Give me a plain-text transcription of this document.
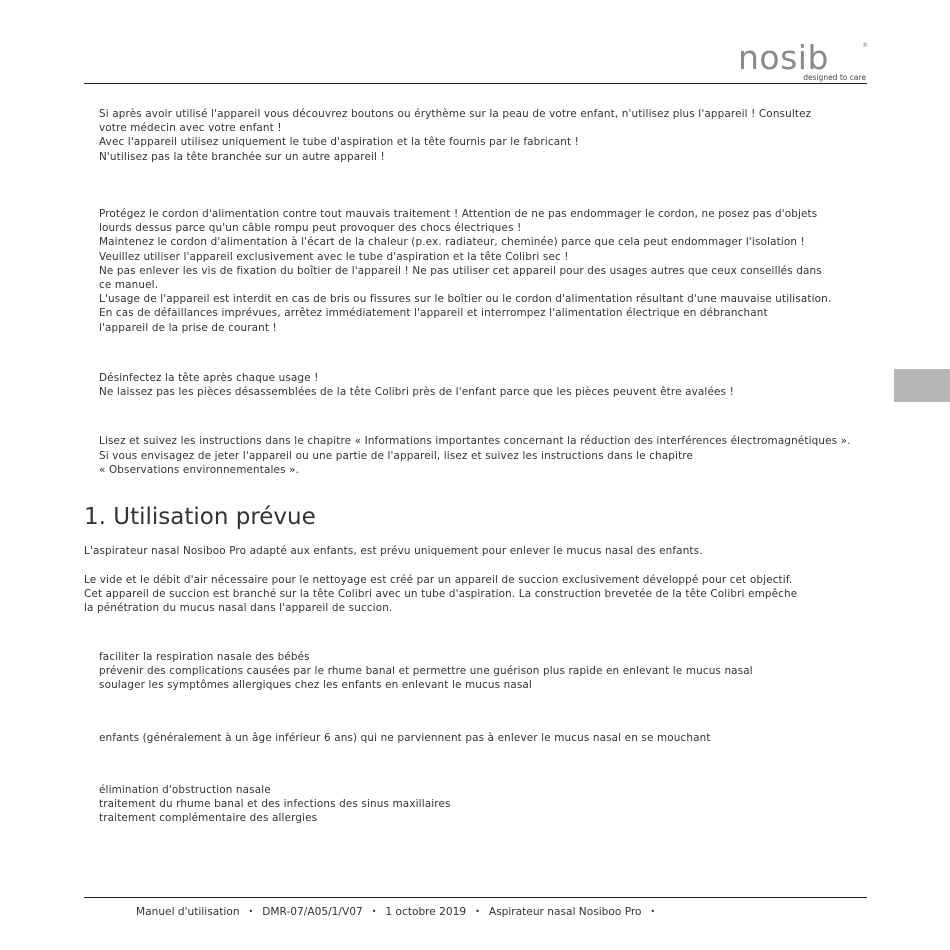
nosib	®
designed to care
Si après avoir utilisé l'appareil vous découvrez boutons ou érythème sur la peau de votre enfant, n'utilisez plus l'appareil ! Consultez
votre médecin avec votre enfant !
Avec l'appareil utilisez uniquement le tube d'aspiration et la tête fournis par le fabricant !
N'utilisez pas la tête branchée sur un autre appareil !
Protégez le cordon d'alimentation contre tout mauvais traitement ! Attention de ne pas endommager le cordon, ne posez pas d'objets
lourds dessus parce qu'un câble rompu peut provoquer des chocs électriques !
Maintenez le cordon d'alimentation à l'écart de la chaleur (p.ex. radiateur, cheminée) parce que cela peut endommager l'isolation !
Veuillez utiliser l'appareil exclusivement avec le tube d'aspiration et la tête Colibri sec !
Ne pas enlever les vis de fixation du boîtier de l'appareil ! Ne pas utiliser cet appareil pour des usages autres que ceux conseillés dans
ce manuel.
L'usage de l'appareil est interdit en cas de bris ou fissures sur le boîtier ou le cordon d'alimentation résultant d'une mauvaise utilisation.
En cas de défaillances imprévues, arrêtez immédiatement l'appareil et interrompez l'alimentation électrique en débranchant
l'appareil de la prise de courant !
Désinfectez la tête après chaque usage !
Ne laissez pas les pièces désassemblées de la tête Colibri près de l'enfant parce que les pièces peuvent être avalées !
Lisez et suivez les instructions dans le chapitre « Informations importantes concernant la réduction des interférences électromagnétiques ».
Si vous envisagez de jeter l'appareil ou une partie de l'appareil, lisez et suivez les instructions dans le chapitre
« Observations environnementales ».
1. Utilisation prévue
L'aspirateur nasal Nosiboo Pro adapté aux enfants, est prévu uniquement pour enlever le mucus nasal des enfants.
Le vide et le débit d'air nécessaire pour le nettoyage est créé par un appareil de succion exclusivement développé pour cet objectif.
Cet appareil de succion est branché sur la tête Colibri avec un tube d'aspiration. La construction brevetée de la tête Colibri empêche
la pénétration du mucus nasal dans l'appareil de succion.
faciliter la respiration nasale des bébés
prévenir des complications causées par le rhume banal et permettre une guérison plus rapide en enlevant le mucus nasal
soulager les symptômes allergiques chez les enfants en enlevant le mucus nasal
enfants (généralement à un âge inférieur 6 ans) qui ne parviennent pas à enlever le mucus nasal en se mouchant
élimination d'obstruction nasale
traitement du rhume banal et des infections des sinus maxillaires
traitement complémentaire des allergies
Manuel d'utilisation • DMR-07/A05/1/V07 • 1 octobre 2019 • Aspirateur nasal Nosiboo Pro •
